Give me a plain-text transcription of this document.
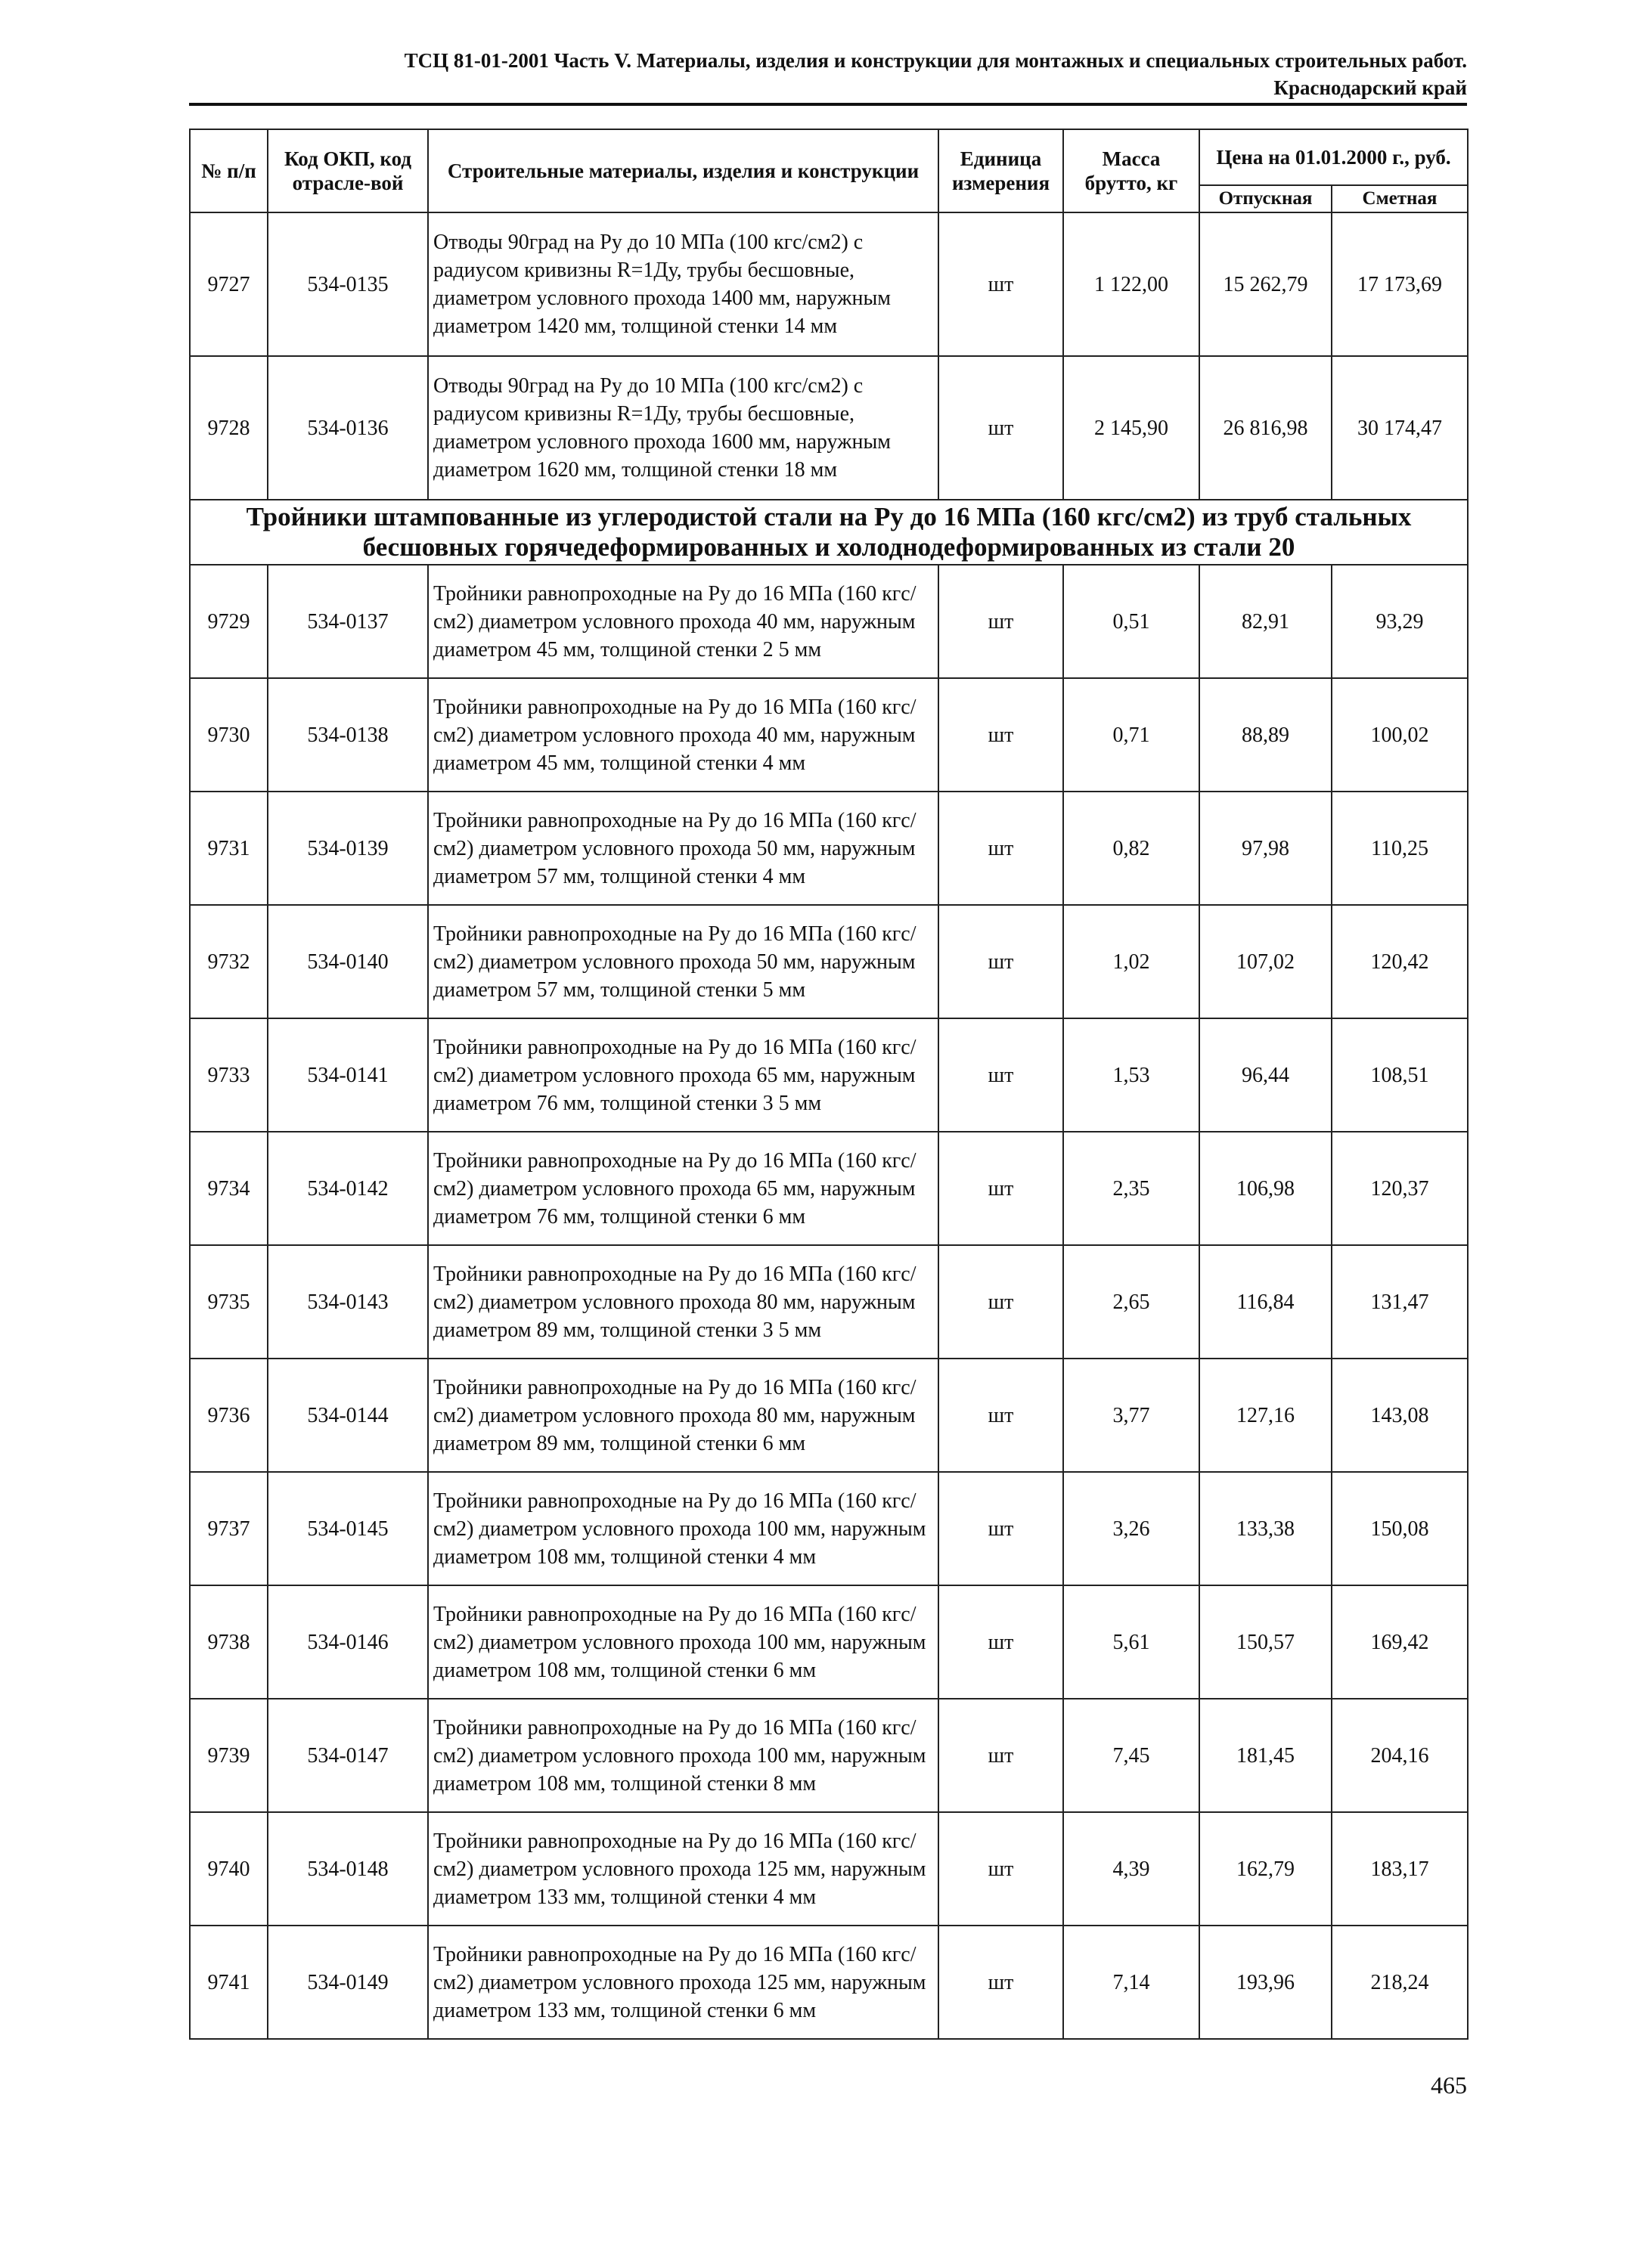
ТСЦ 81-01-2001 Часть V. Материалы, изделия и конструкции для монтажных и специальных строительных работ.
Краснодарский край
№ п/п	Код ОКП, код отрасле-вой	Строительные материалы, изделия и конструкции	Единица измерения	Масса брутто, кг	Цена на 01.01.2000 г., руб.	
					Отпускная	Сметная
9727	534-0135	Отводы 90град на Ру до 10 МПа (100 кгс/см2) с радиусом кривизны R=1Ду, трубы бесшовные, диаметром условного прохода 1400 мм, наружным диаметром 1420 мм, толщиной стенки 14 мм	шт	1 122,00	15 262,79	17 173,69
9728	534-0136	Отводы 90град на Ру до 10 МПа (100 кгс/см2) с радиусом кривизны R=1Ду, трубы бесшовные, диаметром условного прохода 1600 мм, наружным диаметром 1620 мм, толщиной стенки 18 мм	шт	2 145,90	26 816,98	30 174,47
Тройники штампованные из углеродистой стали на Ру до 16 МПа (160 кгс/см2) из труб стальных бесшовных горячедеформированных и холоднодеформированных из стали 20						
9729	534-0137	Тройники равнопроходные на Ру до 16 МПа (160 кгс/см2) диаметром условного прохода 40 мм, наружным диаметром 45 мм, толщиной стенки 2 5 мм	шт	0,51	82,91	93,29
9730	534-0138	Тройники равнопроходные на Ру до 16 МПа (160 кгс/см2) диаметром условного прохода 40 мм, наружным диаметром 45 мм, толщиной стенки 4 мм	шт	0,71	88,89	100,02
9731	534-0139	Тройники равнопроходные на Ру до 16 МПа (160 кгс/см2) диаметром условного прохода 50 мм, наружным диаметром 57 мм, толщиной стенки 4 мм	шт	0,82	97,98	110,25
9732	534-0140	Тройники равнопроходные на Ру до 16 МПа (160 кгс/см2) диаметром условного прохода 50 мм, наружным диаметром 57 мм, толщиной стенки 5 мм	шт	1,02	107,02	120,42
9733	534-0141	Тройники равнопроходные на Ру до 16 МПа (160 кгс/см2) диаметром условного прохода 65 мм, наружным диаметром 76 мм, толщиной стенки 3 5 мм	шт	1,53	96,44	108,51
9734	534-0142	Тройники равнопроходные на Ру до 16 МПа (160 кгс/см2) диаметром условного прохода 65 мм, наружным диаметром 76 мм, толщиной стенки 6 мм	шт	2,35	106,98	120,37
9735	534-0143	Тройники равнопроходные на Ру до 16 МПа (160 кгс/см2) диаметром условного прохода 80 мм, наружным диаметром 89 мм, толщиной стенки 3 5 мм	шт	2,65	116,84	131,47
9736	534-0144	Тройники равнопроходные на Ру до 16 МПа (160 кгс/см2) диаметром условного прохода 80 мм, наружным диаметром 89 мм, толщиной стенки 6 мм	шт	3,77	127,16	143,08
9737	534-0145	Тройники равнопроходные на Ру до 16 МПа (160 кгс/см2) диаметром условного прохода 100 мм, наружным диаметром 108 мм, толщиной стенки 4 мм	шт	3,26	133,38	150,08
9738	534-0146	Тройники равнопроходные на Ру до 16 МПа (160 кгс/см2) диаметром условного прохода 100 мм, наружным диаметром 108 мм, толщиной стенки 6 мм	шт	5,61	150,57	169,42
9739	534-0147	Тройники равнопроходные на Ру до 16 МПа (160 кгс/см2) диаметром условного прохода 100 мм, наружным диаметром 108 мм, толщиной стенки 8 мм	шт	7,45	181,45	204,16
9740	534-0148	Тройники равнопроходные на Ру до 16 МПа (160 кгс/см2) диаметром условного прохода 125 мм, наружным диаметром 133 мм, толщиной стенки 4 мм	шт	4,39	162,79	183,17
9741	534-0149	Тройники равнопроходные на Ру до 16 МПа (160 кгс/см2) диаметром условного прохода 125 мм, наружным диаметром 133 мм, толщиной стенки 6 мм	шт	7,14	193,96	218,24
465
